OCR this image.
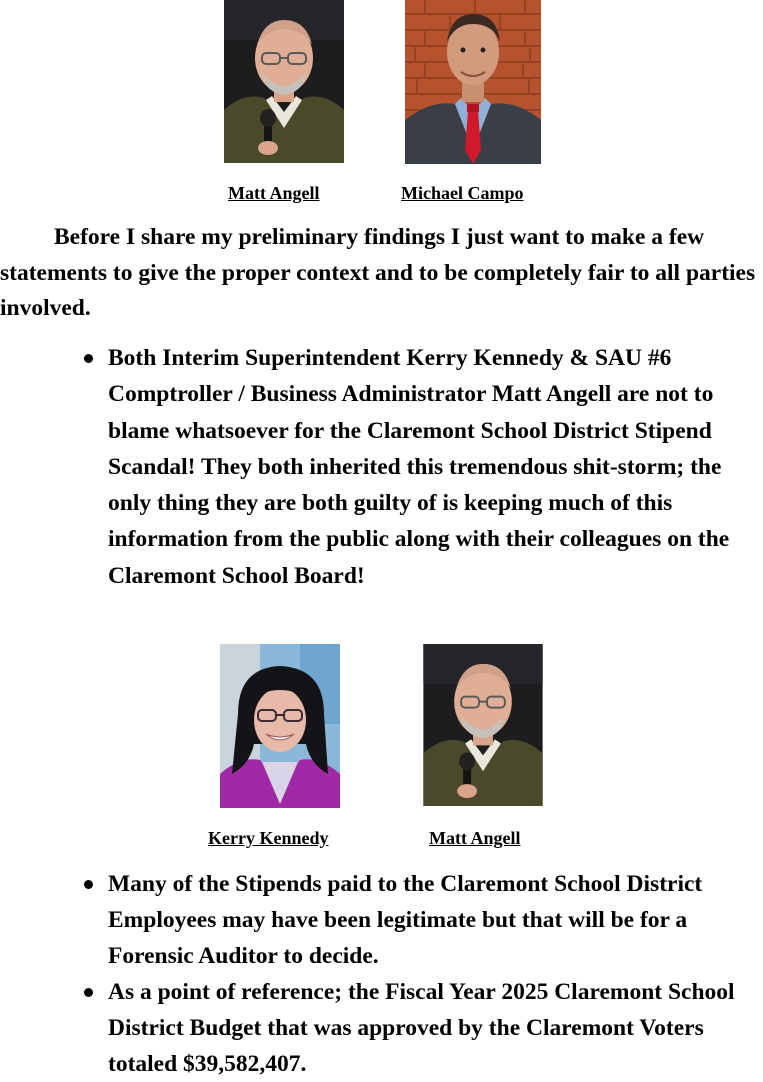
Matt Angell	Michael Campo

Before I share my preliminary findings I just want to make a few statements to give the proper context and to be completely fair to all parties involved.

Both Interim Superintendent Kerry Kennedy & SAU #6 Comptroller / Business Administrator Matt Angell are not to blame whatsoever for the Claremont School District Stipend Scandal! They both inherited this tremendous shit-storm; the only thing they are both guilty of is keeping much of this information from the public along with their colleagues on the Claremont School Board!
Kerry Kennedy	Matt Angell
Many of the Stipends paid to the Claremont School District Employees may have been legitimate but that will be for a Forensic Auditor to decide.
As a point of reference; the Fiscal Year 2025 Claremont School District Budget that was approved by the Claremont Voters totaled $39,582,407.
